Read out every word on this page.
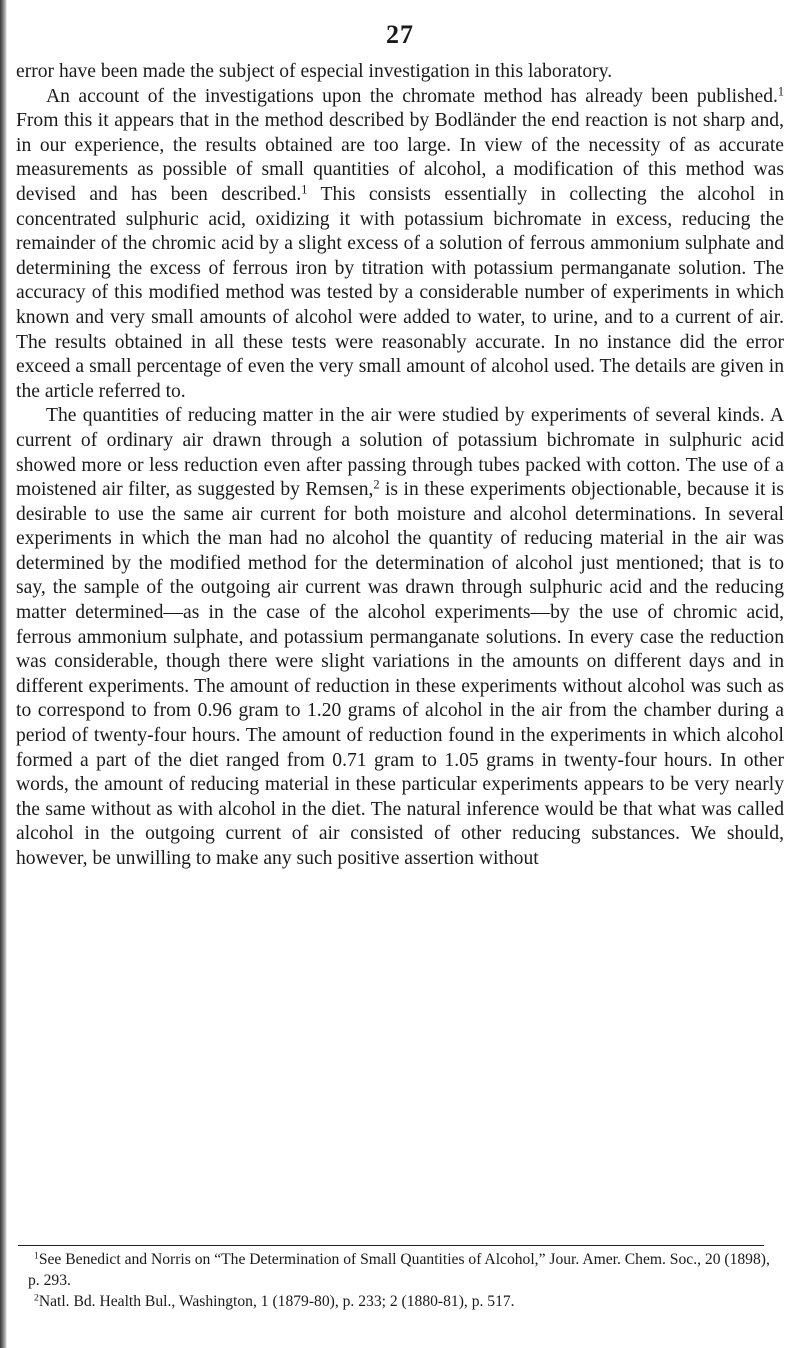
27

error have been made the subject of especial investigation in this laboratory.

An account of the investigations upon the chromate method has already been published.$^1$ From this it appears that in the method described by Bodländer the end reaction is not sharp and, in our experience, the results obtained are too large. In view of the necessity of as accurate measurements as possible of small quantities of alcohol, a modification of this method was devised and has been described.$^1$ This consists essentially in collecting the alcohol in concentrated sulphuric acid, oxidizing it with potassium bichromate in excess, reducing the remainder of the chromic acid by a slight excess of a solution of ferrous ammonium sulphate and determining the excess of ferrous iron by titration with potassium permanganate solution. The accuracy of this modified method was tested by a considerable number of experiments in which known and very small amounts of alcohol were added to water, to urine, and to a current of air. The results obtained in all these tests were reasonably accurate. In no instance did the error exceed a small percentage of even the very small amount of alcohol used. The details are given in the article referred to.

The quantities of reducing matter in the air were studied by experiments of several kinds. A current of ordinary air drawn through a solution of potassium bichromate in sulphuric acid showed more or less reduction even after passing through tubes packed with cotton. The use of a moistened air filter, as suggested by Remsen,$^2$ is in these experiments objectionable, because it is desirable to use the same air current for both moisture and alcohol determinations. In several experiments in which the man had no alcohol the quantity of reducing material in the air was determined by the modified method for the determination of alcohol just mentioned; that is to say, the sample of the outgoing air current was drawn through sulphuric acid and the reducing matter determined—as in the case of the alcohol experiments—by the use of chromic acid, ferrous ammonium sulphate, and potassium permanganate solutions. In every case the reduction was considerable, though there were slight variations in the amounts on different days and in different experiments. The amount of reduction in these experiments without alcohol was such as to correspond to from 0.96 gram to 1.20 grams of alcohol in the air from the chamber during a period of twenty-four hours. The amount of reduction found in the experiments in which alcohol formed a part of the diet ranged from 0.71 gram to 1.05 grams in twenty-four hours. In other words, the amount of reducing material in these particular experiments appears to be very nearly the same without as with alcohol in the diet. The natural inference would be that what was called alcohol in the outgoing current of air consisted of other reducing substances. We should, however, be unwilling to make any such positive assertion without

$^1$See Benedict and Norris on “The Determination of Small Quantities of Alcohol,” Jour. Amer. Chem. Soc., 20 (1898), p. 293.

$^2$Natl. Bd. Health Bul., Washington, 1 (1879-80), p. 233; 2 (1880-81), p. 517.
